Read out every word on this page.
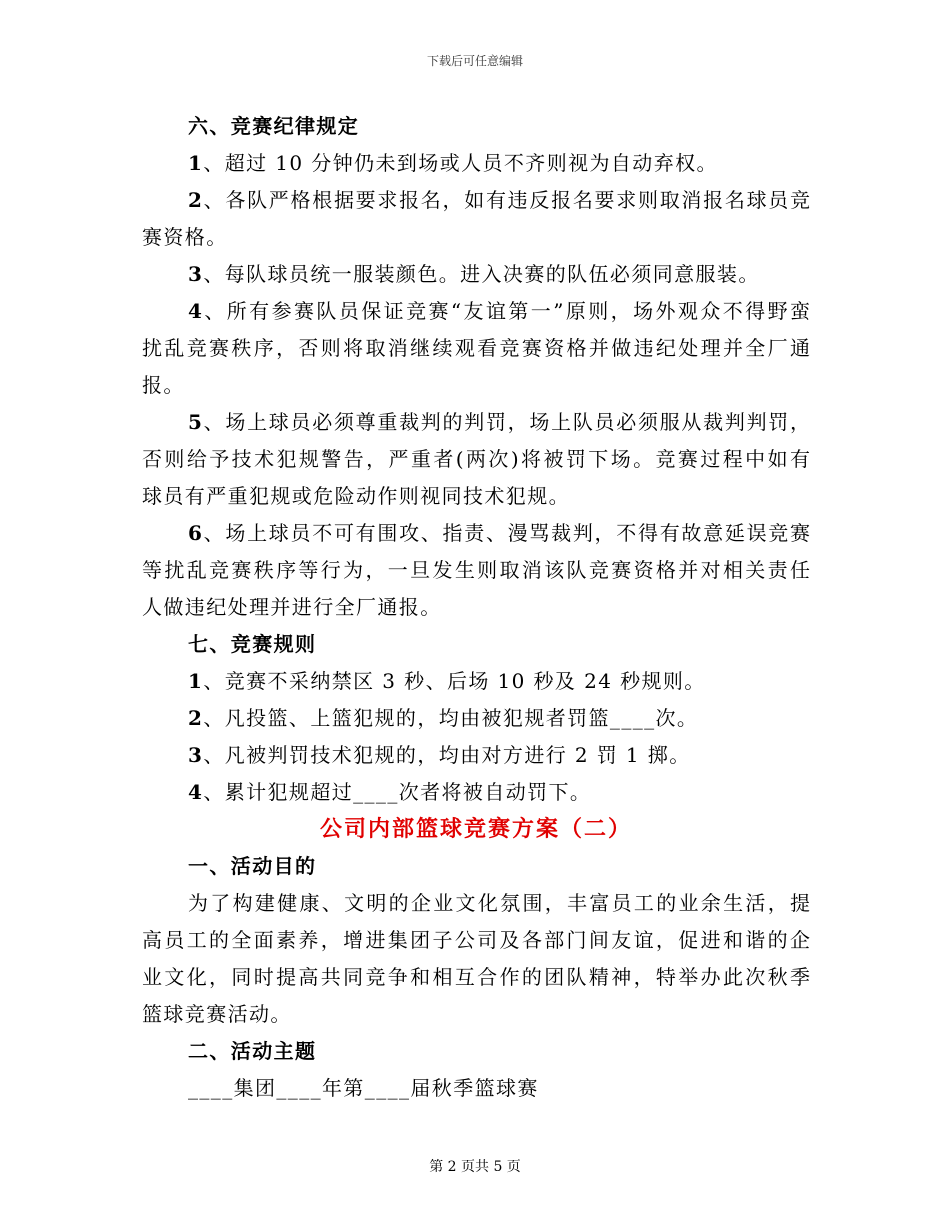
下载后可任意编辑
六、竞赛纪律规定
1、超过 10 分钟仍未到场或人员不齐则视为自动弃权。
2、各队严格根据要求报名，如有违反报名要求则取消报名球员竞
赛资格。
3、每队球员统一服装颜色。进入决赛的队伍必须同意服装。
4、所有参赛队员保证竞赛“友谊第一”原则，场外观众不得野蛮
扰乱竞赛秩序，否则将取消继续观看竞赛资格并做违纪处理并全厂通
报。
5、场上球员必须尊重裁判的判罚，场上队员必须服从裁判判罚，
否则给予技术犯规警告，严重者(两次)将被罚下场。竞赛过程中如有
球员有严重犯规或危险动作则视同技术犯规。
6、场上球员不可有围攻、指责、漫骂裁判，不得有故意延误竞赛
等扰乱竞赛秩序等行为，一旦发生则取消该队竞赛资格并对相关责任
人做违纪处理并进行全厂通报。
七、竞赛规则
1、竞赛不采纳禁区 3 秒、后场 10 秒及 24 秒规则。
2、凡投篮、上篮犯规的，均由被犯规者罚篮____次。
3、凡被判罚技术犯规的，均由对方进行 2 罚 1 掷。
4、累计犯规超过____次者将被自动罚下。
公司内部篮球竞赛方案（二）
一、活动目的
为了构建健康、文明的企业文化氛围，丰富员工的业余生活，提
高员工的全面素养，增进集团子公司及各部门间友谊，促进和谐的企
业文化，同时提高共同竞争和相互合作的团队精神，特举办此次秋季
篮球竞赛活动。
二、活动主题
____集团____年第____届秋季篮球赛
第 2 页共 5 页
